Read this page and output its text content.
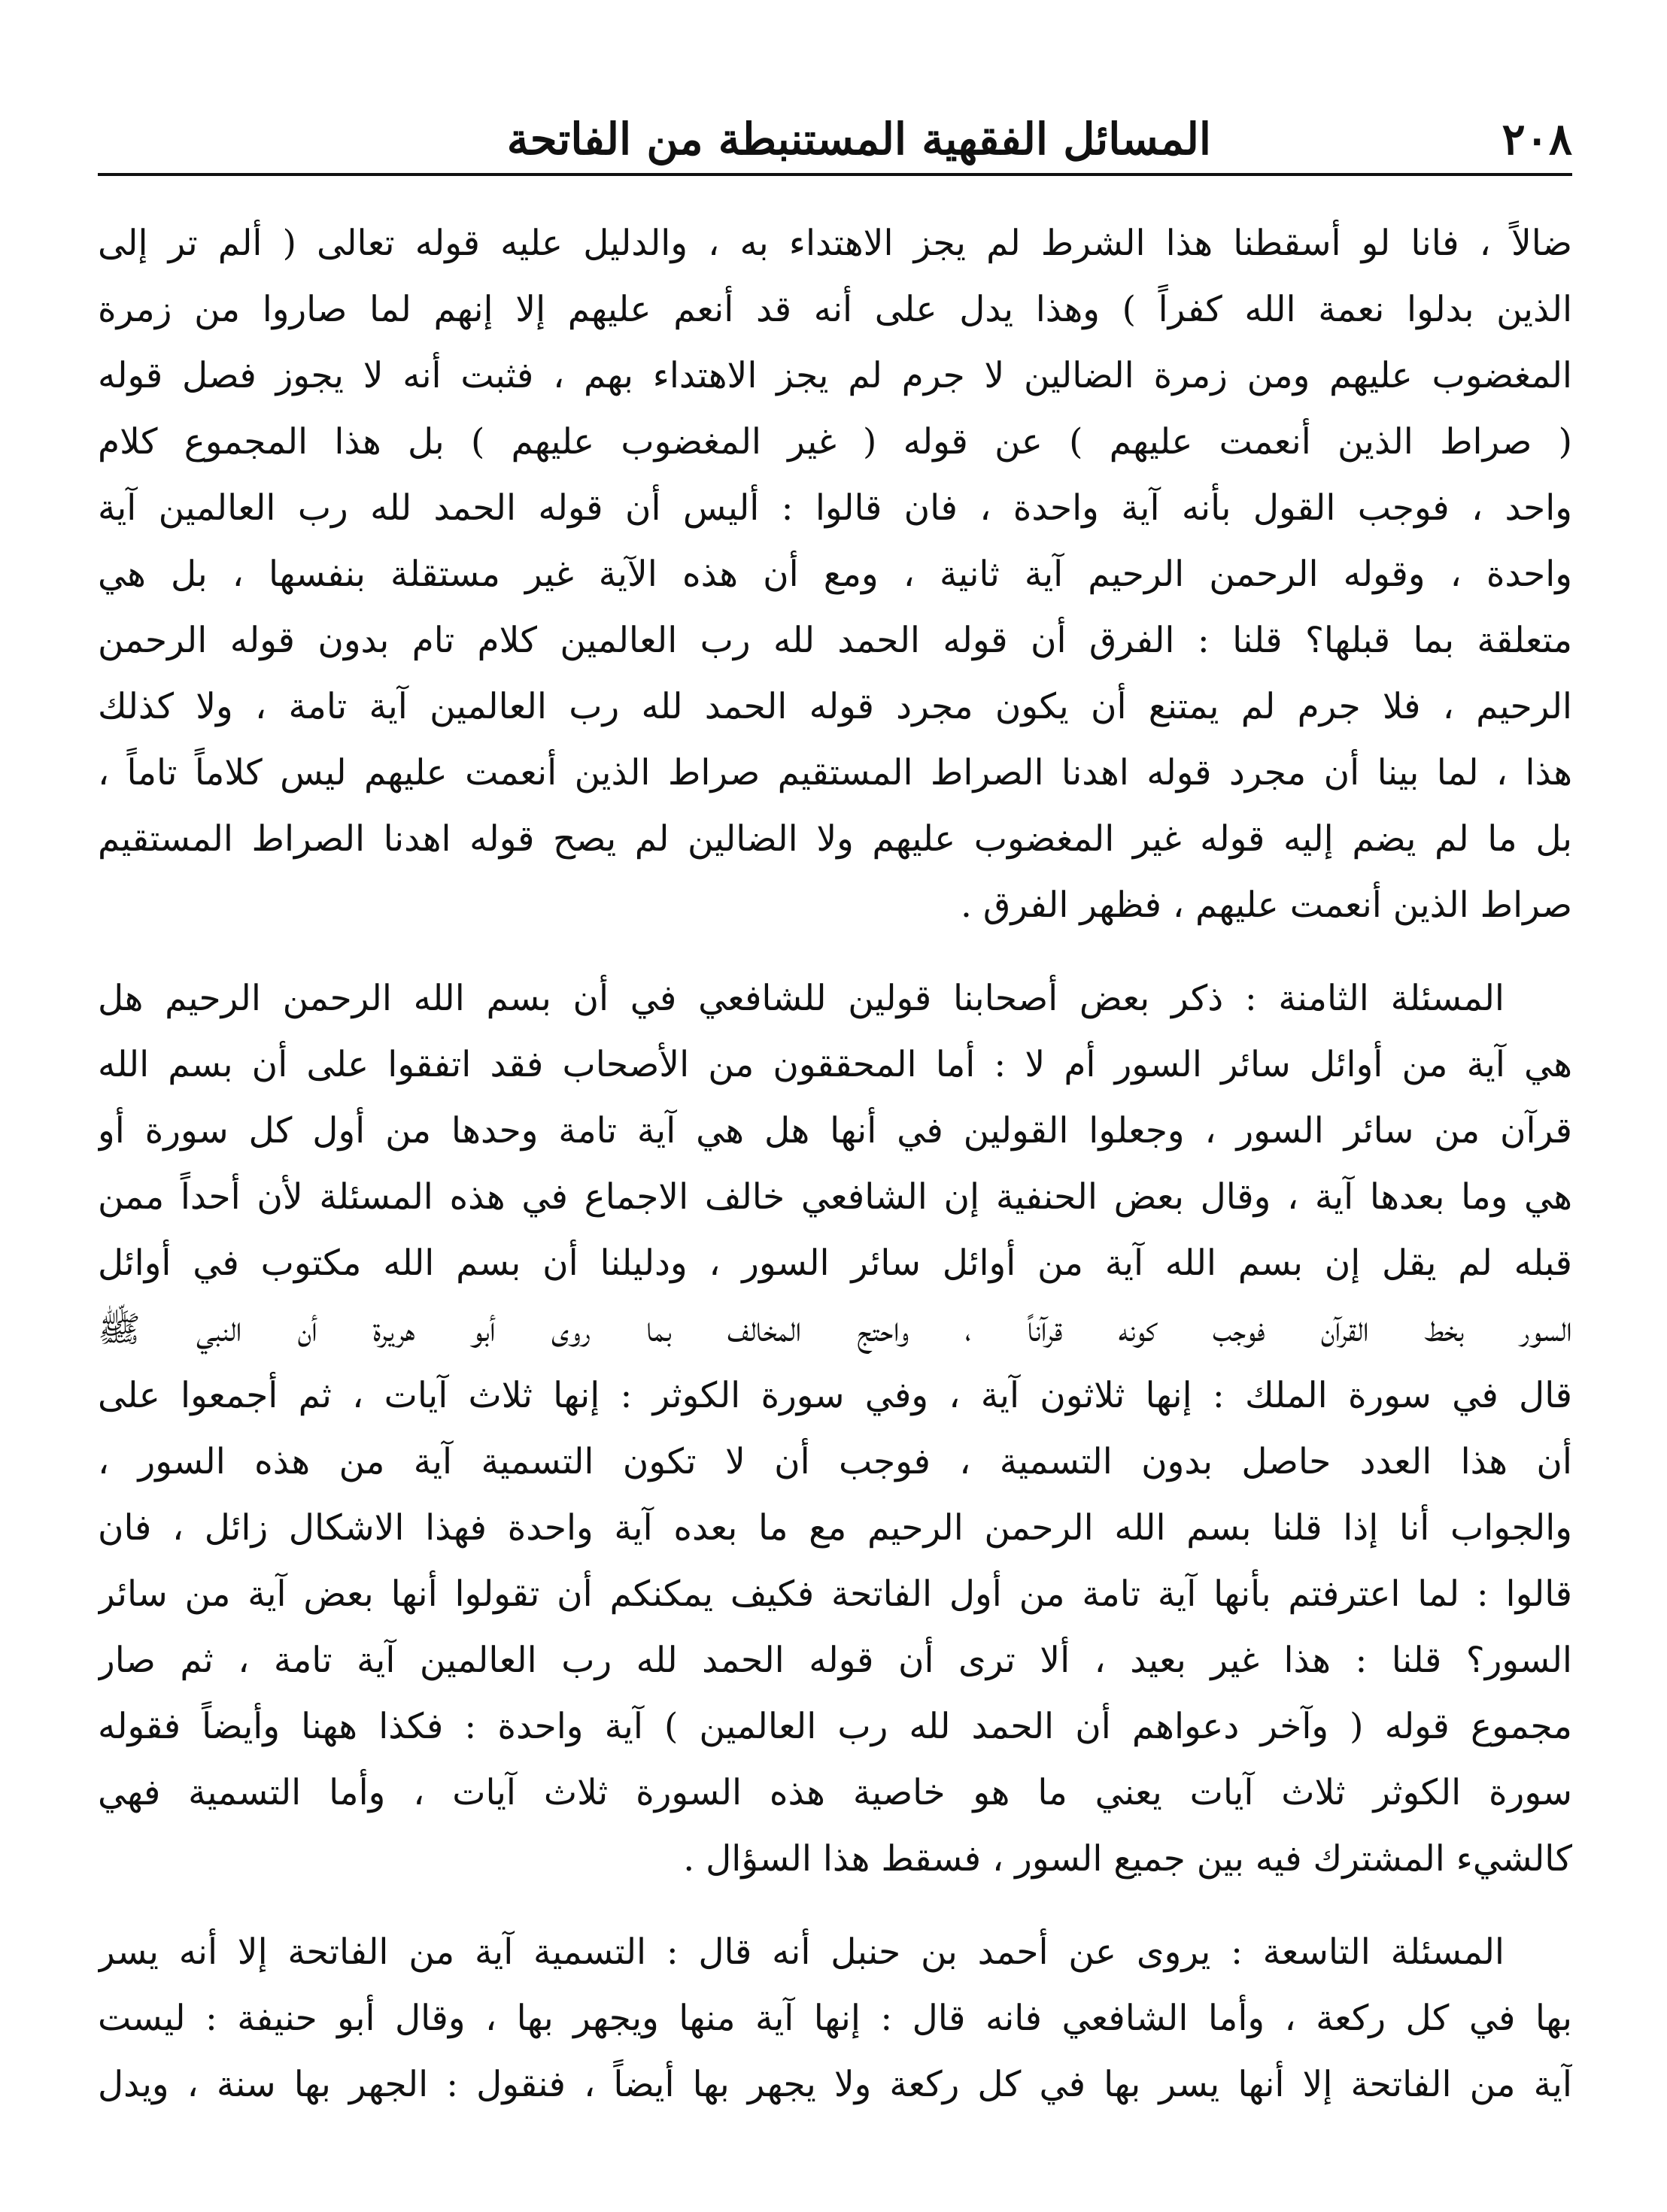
٢٠٨
المسائل الفقهية المستنبطة من الفاتحة
ضالاً ، فانا لو أسقطنا هذا الشرط لم يجز الاهتداء به ، والدليل عليه قوله تعالى ( ألم تر إلى
الذين بدلوا نعمة الله كفراً ) وهذا يدل على أنه قد أنعم عليهم إلا إنهم لما صاروا من زمرة
المغضوب عليهم ومن زمرة الضالين لا جرم لم يجز الاهتداء بهم ، فثبت أنه لا يجوز فصل قوله
( صراط الذين أنعمت عليهم ) عن قوله ( غير المغضوب عليهم ) بل هذا المجموع كلام
واحد ، فوجب القول بأنه آية واحدة ، فان قالوا : أليس أن قوله الحمد لله رب العالمين آية
واحدة ، وقوله الرحمن الرحيم آية ثانية ، ومع أن هذه الآية غير مستقلة بنفسها ، بل هي
متعلقة بما قبلها؟ قلنا : الفرق أن قوله الحمد لله رب العالمين كلام تام بدون قوله الرحمن
الرحيم ، فلا جرم لم يمتنع أن يكون مجرد قوله الحمد لله رب العالمين آية تامة ، ولا كذلك
هذا ، لما بينا أن مجرد قوله اهدنا الصراط المستقيم صراط الذين أنعمت عليهم ليس كلاماً تاماً ،
بل ما لم يضم إليه قوله غير المغضوب عليهم ولا الضالين لم يصح قوله اهدنا الصراط المستقيم
صراط الذين أنعمت عليهم ، فظهر الفرق .
المسئلة الثامنة : ذكر بعض أصحابنا قولين للشافعي في أن بسم الله الرحمن الرحيم هل
هي آية من أوائل سائر السور أم لا : أما المحققون من الأصحاب فقد اتفقوا على أن بسم الله
قرآن من سائر السور ، وجعلوا القولين في أنها هل هي آية تامة وحدها من أول كل سورة أو
هي وما بعدها آية ، وقال بعض الحنفية إن الشافعي خالف الاجماع في هذه المسئلة لأن أحداً ممن
قبله لم يقل إن بسم الله آية من أوائل سائر السور ، ودليلنا أن بسم الله مكتوب في أوائل
السور بخط القرآن فوجب كونه قرآناً ، واحتج المخالف بما روى أبو هريرة أن النبي ﷺ
قال في سورة الملك : إنها ثلاثون آية ، وفي سورة الكوثر : إنها ثلاث آيات ، ثم أجمعوا على
أن هذا العدد حاصل بدون التسمية ، فوجب أن لا تكون التسمية آية من هذه السور ،
والجواب أنا إذا قلنا بسم الله الرحمن الرحيم مع ما بعده آية واحدة فهذا الاشكال زائل ، فان
قالوا : لما اعترفتم بأنها آية تامة من أول الفاتحة فكيف يمكنكم أن تقولوا أنها بعض آية من سائر
السور؟ قلنا : هذا غير بعيد ، ألا ترى أن قوله الحمد لله رب العالمين آية تامة ، ثم صار
مجموع قوله ( وآخر دعواهم أن الحمد لله رب العالمين ) آية واحدة : فكذا ههنا وأيضاً فقوله
سورة الكوثر ثلاث آيات يعني ما هو خاصية هذه السورة ثلاث آيات ، وأما التسمية فهي
كالشيء المشترك فيه بين جميع السور ، فسقط هذا السؤال .
المسئلة التاسعة : يروى عن أحمد بن حنبل أنه قال : التسمية آية من الفاتحة إلا أنه يسر
بها في كل ركعة ، وأما الشافعي فانه قال : إنها آية منها ويجهر بها ، وقال أبو حنيفة : ليست
آية من الفاتحة إلا أنها يسر بها في كل ركعة ولا يجهر بها أيضاً ، فنقول : الجهر بها سنة ، ويدل
